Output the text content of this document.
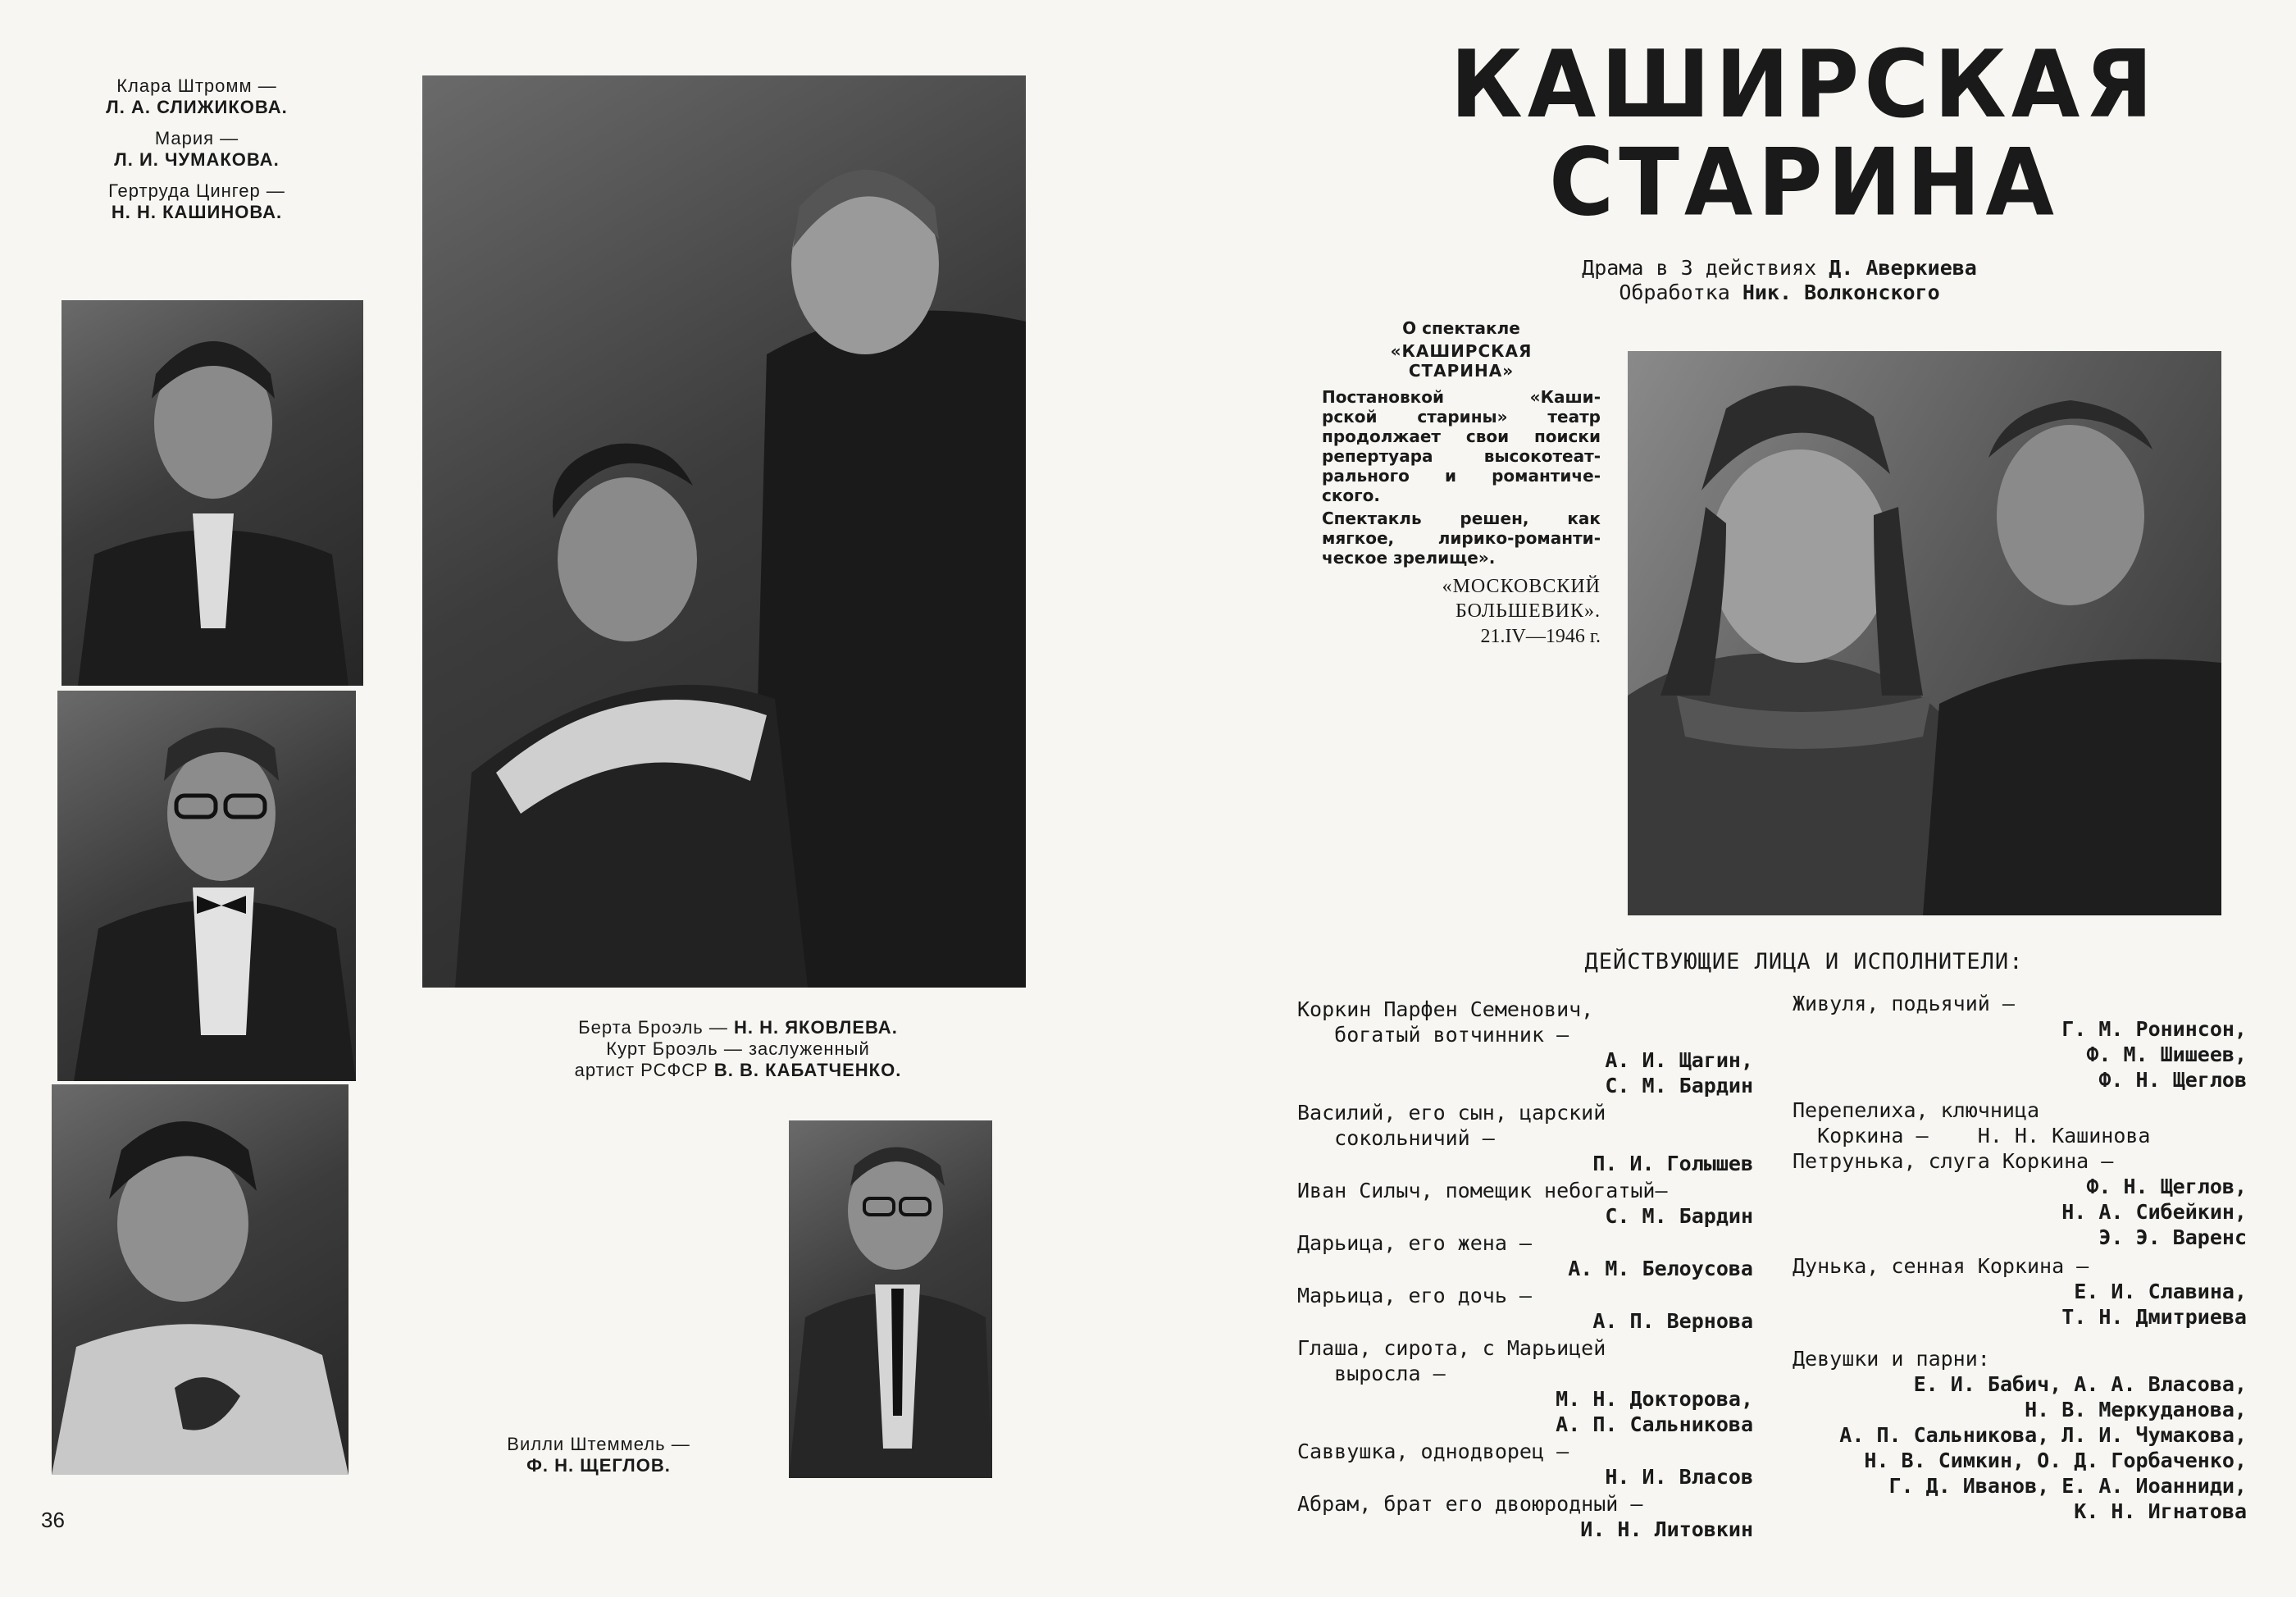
Клара Штромм —
Л. А. СЛИЖИКОВА.
Мария —
Л. И. ЧУМАКОВА.
Гертруда Цингер —
Н. Н. КАШИНОВА.
Берта Броэль — Н. Н. ЯКОВЛЕВА.
Курт Броэль — заслуженный
артист РСФСР В. В. КАБАТЧЕНКО.
Вилли Штеммель —
Ф. Н. ЩЕГЛОВ.
36
КАШИРСКАЯ
СТАРИНА
Драма в 3 действиях Д. Аверкиева
Обработка Ник. Волконского
О спектакле
«КАШИРСКАЯ
СТАРИНА»
Постановкой «Каши-
рской старины» театр
продолжает свои поиски
репертуара высокотеат-
рального и романтиче-
ского.
Спектакль решен, как
мягкое, лирико-романти-
ческое зрелище».
«МОСКОВСКИЙ
БОЛЬШЕВИК».
21.IV—1946 г.
ДЕЙСТВУЮЩИЕ ЛИЦА И ИСПОЛНИТЕЛИ:
Коркин Парфен Семенович,
богатый вотчинник —
А. И. Щагин,
С. М. Бардин
Василий, его сын, царский
сокольничий —
П. И. Голышев
Иван Силыч, помещик небогатый—
С. М. Бардин
Дарьица, его жена —
А. М. Белоусова
Марьица, его дочь —
А. П. Вернова
Глаша, сирота, с Марьицей
выросла —
М. Н. Докторова,
А. П. Сальникова
Саввушка, однодворец —
Н. И. Власов
Абрам, брат его двоюродный —
И. Н. Литовкин
Живуля, подьячий —
Г. М. Ронинсон,
Ф. М. Шишеев,
Ф. Н. Щеглов
Перепелиха, ключница
Коркина —    Н. Н. Кашинова
Петрунька, слуга Коркина —
Ф. Н. Щеглов,
Н. А. Сибейкин,
Э. Э. Варенс
Дунька, сенная Коркина —
Е. И. Славина,
Т. Н. Дмитриева
Девушки и парни:
Е. И. Бабич, А. А. Власова,
Н. В. Меркуданова,
А. П. Сальникова, Л. И. Чумакова,
Н. В. Симкин, О. Д. Горбаченко,
Г. Д. Иванов, Е. А. Иоанниди,
К. Н. Игнатова
